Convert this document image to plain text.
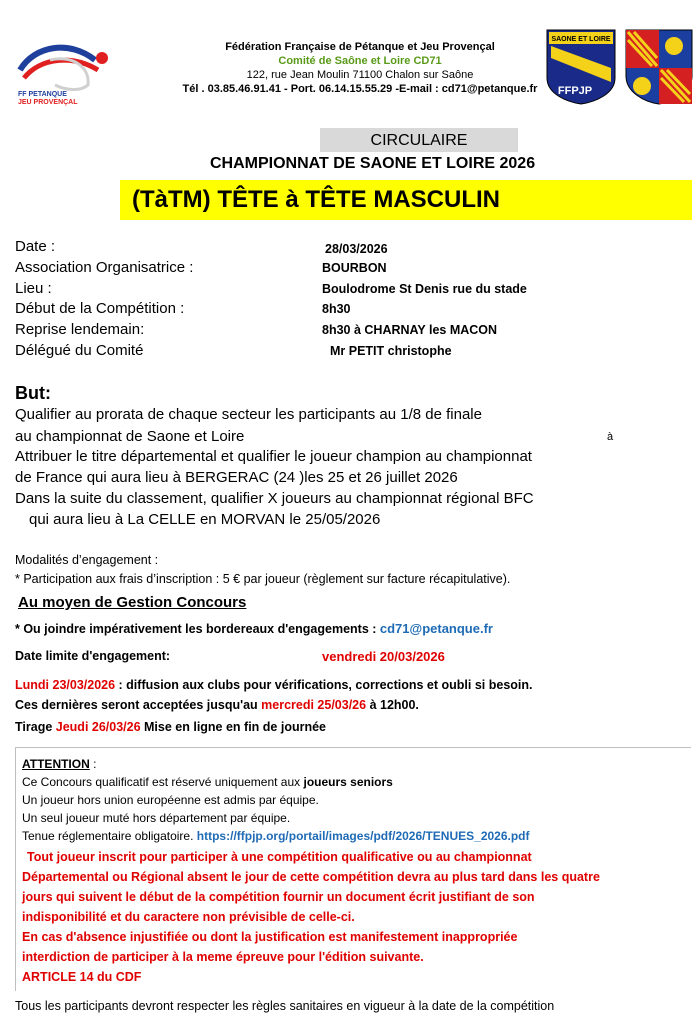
FF PETANQUE
JEU PROVENÇAL
Fédération Française de Pétanque et Jeu Provençal
Comité de Saône et Loire CD71
122, rue Jean Moulin 71100 Chalon sur Saône
Tél . 03.85.46.91.41 - Port. 06.14.15.55.29 -E-mail : cd71@petanque.fr
SAONE ET LOIRE
FFPJP
CIRCULAIRE
CHAMPIONNAT DE SAONE ET LOIRE 2026
(TàTM) TÊTE à TÊTE MASCULIN
Date :	28/03/2026
Association Organisatrice :	BOURBON
Lieu :	Boulodrome St Denis rue du stade
Début de la Compétition :	8h30
Reprise lendemain:	8h30 à CHARNAY les MACON
Délégué du Comité	Mr PETIT christophe
But:
Qualifier au prorata de chaque secteur les participants au 1/8 de finale
au championnat de Saone et Loire	à
Attribuer le titre départemental et qualifier le joueur champion au championnat
de France qui aura lieu à BERGERAC (24 )les 25 et 26 juillet 2026
Dans la suite du classement, qualifier X joueurs au championnat régional BFC
qui aura lieu à La CELLE en MORVAN le 25/05/2026
Modalités d’engagement :
* Participation aux frais d’inscription : 5 € par joueur (règlement sur facture récapitulative).
Au moyen de Gestion Concours
* Ou joindre impérativement les bordereaux d'engagements : cd71@petanque.fr
Date limite d'engagement:	vendredi 20/03/2026
Lundi 23/03/2026 : diffusion aux clubs pour vérifications, corrections et oubli si besoin.
Ces dernières seront acceptées jusqu'au mercredi 25/03/26 à 12h00.
Tirage Jeudi 26/03/26 Mise en ligne en fin de journée
ATTENTION :
Ce Concours qualificatif est réservé uniquement aux joueurs seniors
Un joueur hors union européenne est admis par équipe.
Un seul joueur muté hors département par équipe.
Tenue réglementaire obligatoire. https://ffpjp.org/portail/images/pdf/2026/TENUES_2026.pdf
Tout joueur inscrit pour participer à une compétition qualificative ou au championnat
Départemental ou Régional absent le jour de cette compétition devra au plus tard dans les quatre
jours qui suivent le début de la compétition fournir un document écrit justifiant de son
indisponibilité et du caractere non prévisible de celle-ci.
En cas d'absence injustifiée ou dont la justification est manifestement inappropriée
interdiction de participer à la meme épreuve pour l'édition suivante.
ARTICLE 14 du CDF
Tous les participants devront respecter les règles sanitaires en vigueur à la date de la compétition
